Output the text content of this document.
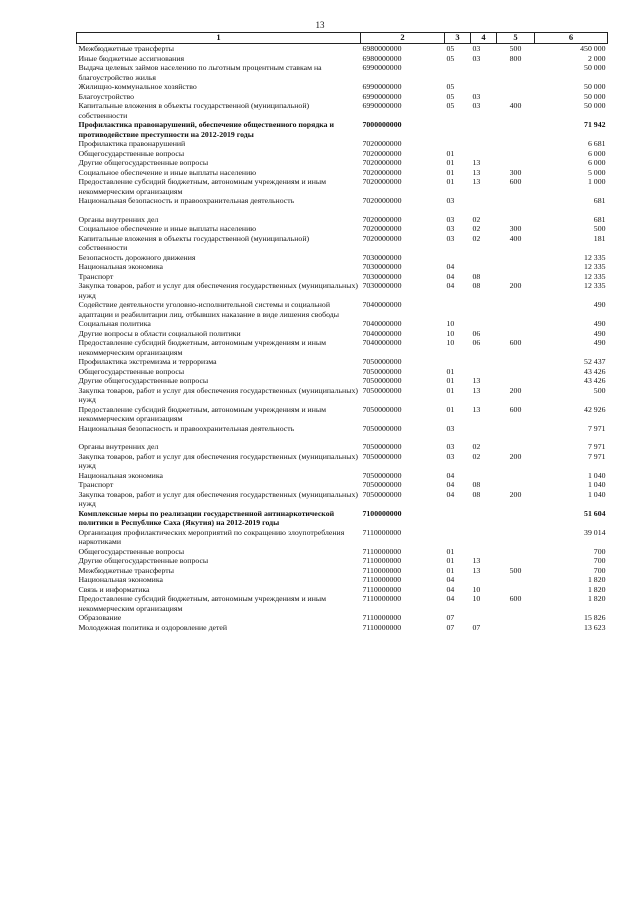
13
1	2	3	4	5	6
Межбюджетные трансферты	6980000000	05	03	500	450 000
Иные бюджетные ассигнования	6980000000	05	03	800	2 000
Выдача целевых займов населению по льготным процентным ставкам на благоустройство жилья	6990000000				50 000
Жилищно-коммунальное хозяйство	6990000000	05			50 000
Благоустройство	6990000000	05	03		50 000
Капитальные вложения в объекты государственной (муниципальной) собственности	6990000000	05	03	400	50 000
Профилактика правонарушений, обеспечение общественного порядка и противодействие преступности на 2012-2019 годы	7000000000				71 942
Профилактика правонарушений	7020000000				6 681
Общегосударственные вопросы	7020000000	01			6 000
Другие общегосударственные вопросы	7020000000	01	13		6 000
Социальное обеспечение и иные выплаты населению	7020000000	01	13	300	5 000
Предоставление субсидий бюджетным, автономным учреждениям и иным некоммерческим организациям	7020000000	01	13	600	1 000
Национальная безопасность и правоохранительная деятельность	7020000000	03			681

Органы внутренних дел	7020000000	03	02		681
Социальное обеспечение и иные выплаты населению	7020000000	03	02	300	500
Капитальные вложения в объекты государственной (муниципальной) собственности	7020000000	03	02	400	181
Безопасность дорожного движения	7030000000				12 335
Национальная экономика	7030000000	04			12 335
Транспорт	7030000000	04	08		12 335
Закупка товаров, работ и услуг для обеспечения государственных (муниципальных) нужд	7030000000	04	08	200	12 335
Содействие деятельности уголовно-исполнительной системы и социальной адаптации и реабилитации лиц, отбывших наказание в виде лишения свободы	7040000000				490
Социальная политика	7040000000	10			490
Другие вопросы в области социальной политики	7040000000	10	06		490
Предоставление субсидий бюджетным, автономным учреждениям и иным некоммерческим организациям	7040000000	10	06	600	490
Профилактика экстремизма и терроризма	7050000000				52 437
Общегосударственные вопросы	7050000000	01			43 426
Другие общегосударственные вопросы	7050000000	01	13		43 426
Закупка товаров, работ и услуг для обеспечения государственных (муниципальных) нужд	7050000000	01	13	200	500
Предоставление субсидий бюджетным, автономным учреждениям и иным некоммерческим организациям	7050000000	01	13	600	42 926
Национальная безопасность и правоохранительная деятельность	7050000000	03			7 971

Органы внутренних дел	7050000000	03	02		7 971
Закупка товаров, работ и услуг для обеспечения государственных (муниципальных) нужд	7050000000	03	02	200	7 971
Национальная экономика	7050000000	04			1 040
Транспорт	7050000000	04	08		1 040
Закупка товаров, работ и услуг для обеспечения государственных (муниципальных) нужд	7050000000	04	08	200	1 040
Комплексные меры по реализации государственной антинаркотической политики в Республике Саха (Якутия) на 2012-2019 годы	7100000000				51 604
Организация профилактических мероприятий по сокращению злоупотребления наркотиками	7110000000				39 014
Общегосударственные вопросы	7110000000	01			700
Другие общегосударственные вопросы	7110000000	01	13		700
Межбюджетные трансферты	7110000000	01	13	500	700
Национальная экономика	7110000000	04			1 820
Связь и информатика	7110000000	04	10		1 820
Предоставление субсидий бюджетным, автономным учреждениям и иным некоммерческим организациям	7110000000	04	10	600	1 820
Образование	7110000000	07			15 826
Молодежная политика и оздоровление детей	7110000000	07	07		13 623
